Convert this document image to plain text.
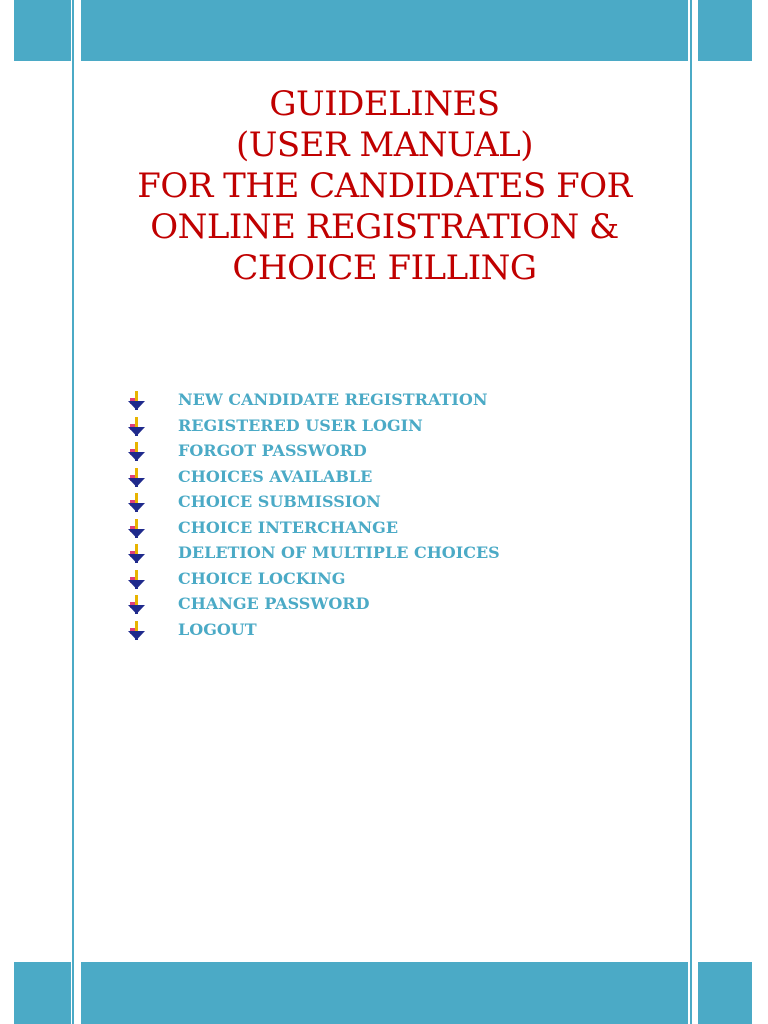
GUIDELINES
(USER MANUAL)
FOR THE CANDIDATES FOR
ONLINE REGISTRATION &
CHOICE FILLING
NEW CANDIDATE REGISTRATION
REGISTERED USER LOGIN
FORGOT PASSWORD
CHOICES AVAILABLE
CHOICE SUBMISSION
CHOICE INTERCHANGE
DELETION OF MULTIPLE CHOICES
CHOICE LOCKING
CHANGE PASSWORD
LOGOUT
